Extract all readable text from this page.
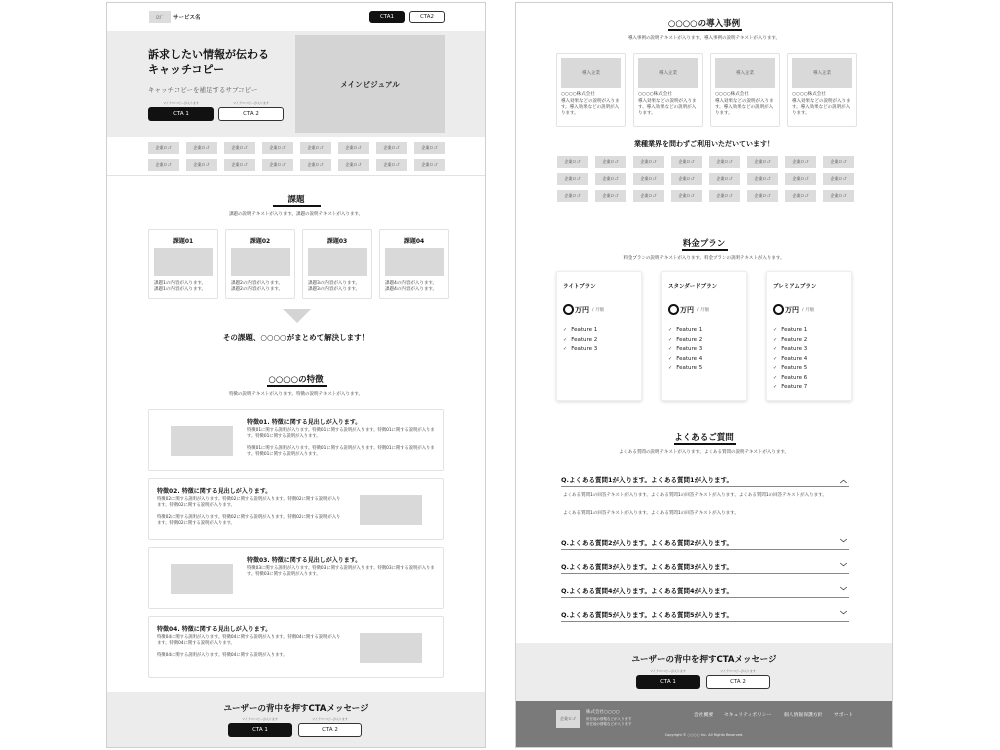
ﾛｺﾞ	サービス名	CTA1	CTA2
訴求したい情報が伝わる
キャッチコピー
キャッチコピーを補足するサブコピー
マイクロコピーが入ります	マイクロコピーが入ります
CTA 1	CTA 2
メインビジュアル
課題
課題の説明テキストが入ります。課題の説明テキストが入ります。
その課題、○○○○がまとめて解決します！
○○○○の特徴
特徴の説明テキストが入ります。特徴の説明テキストが入ります。
ユーザーの背中を押すCTAメッセージ
マイクロコピーが入ります	マイクロコピーが入ります
CTA 1	CTA 2
企業ロゴ	企業ロゴ	企業ロゴ	企業ロゴ	企業ロゴ	企業ロゴ	企業ロゴ	企業ロゴ
企業ロゴ	企業ロゴ	企業ロゴ	企業ロゴ	企業ロゴ	企業ロゴ	企業ロゴ	企業ロゴ
課題01
課題1の内容が入ります。
課題1の内容が入ります。
課題02
課題2の内容が入ります。
課題2の内容が入ります。
課題03
課題3の内容が入ります。
課題3の内容が入ります。
課題04
課題4の内容が入ります。
課題4の内容が入ります。
特徴01. 特徴に関する見出しが入ります。
特徴01に関する説明が入ります。特徴01に関する説明が入ります。特徴01に関する説明が入ります。特徴01に関する説明が入ります。
特徴01に関する説明が入ります。特徴01に関する説明が入ります。特徴01に関する説明が入ります。特徴01に関する説明が入ります。
特徴02. 特徴に関する見出しが入ります。
特徴02に関する説明が入ります。特徴02に関する説明が入ります。特徴02に関する説明が入ります。特徴02に関する説明が入ります。
特徴02に関する説明が入ります。特徴02に関する説明が入ります。特徴02に関する説明が入ります。特徴02に関する説明が入ります。
特徴03. 特徴に関する見出しが入ります。
特徴03に関する説明が入ります。特徴03に関する説明が入ります。特徴03に関する説明が入ります。特徴03に関する説明が入ります。
特徴04. 特徴に関する見出しが入ります。
特徴04に関する説明が入ります。特徴04に関する説明が入ります。特徴04に関する説明が入ります。特徴04に関する説明が入ります。
特徴04に関する説明が入ります。特徴04に関する説明が入ります。
○○○○の導入事例
導入事例の説明テキストが入ります。導入事例の説明テキストが入ります。
業種業界を問わずご利用いただいています！
料金プラン
料金プランの説明テキストが入ります。料金プランの説明テキストが入ります。
よくあるご質問
よくある質問の説明テキストが入ります。よくある質問の説明テキストが入ります。
ユーザーの背中を押すCTAメッセージ
マイクロコピーが入ります	マイクロコピーが入ります
CTA 1	CTA 2
企業ロゴ
株式会社○○○○
所在地の情報などが入ります
所在地の情報などが入ります
会社概要 セキュリティポリシー	個人情報保護方針 サポート
Copyright © ○○○○ Inc. All Rights Reserved.
導入企業
○○○○株式会社
導入効果などの説明が入ります。導入効果などの説明が入ります。
導入企業
○○○○株式会社
導入効果などの説明が入ります。導入効果などの説明が入ります。
導入企業
○○○○株式会社
導入効果などの説明が入ります。導入効果などの説明が入ります。
導入企業
○○○○株式会社
導入効果などの説明が入ります。導入効果などの説明が入ります。
企業ロゴ	企業ロゴ	企業ロゴ	企業ロゴ	企業ロゴ	企業ロゴ	企業ロゴ	企業ロゴ
企業ロゴ	企業ロゴ	企業ロゴ	企業ロゴ	企業ロゴ	企業ロゴ	企業ロゴ	企業ロゴ
企業ロゴ	企業ロゴ	企業ロゴ	企業ロゴ	企業ロゴ	企業ロゴ	企業ロゴ	企業ロゴ
ライトプラン
万円 / 月額
✓ Feature 1
✓ Feature 2
✓ Feature 3
スタンダードプラン
万円 / 月額
✓ Feature 1
✓ Feature 2
✓ Feature 3
✓ Feature 4
✓ Feature 5
プレミアムプラン
万円 / 月額
✓ Feature 1
✓ Feature 2
✓ Feature 3
✓ Feature 4
✓ Feature 5
✓ Feature 6
✓ Feature 7
Q.よくある質問1が入ります。よくある質問1が入ります。	︿
よくある質問1の回答テキストが入ります。よくある質問1の回答テキストが入ります。よくある質問1の回答テキストが入ります。
よくある質問1の回答テキストが入ります。よくある質問1の回答テキストが入ります。
Q.よくある質問2が入ります。よくある質問2が入ります。	﹀
Q.よくある質問3が入ります。よくある質問3が入ります。	﹀
Q.よくある質問4が入ります。よくある質問4が入ります。	﹀
Q.よくある質問5が入ります。よくある質問5が入ります。	﹀
